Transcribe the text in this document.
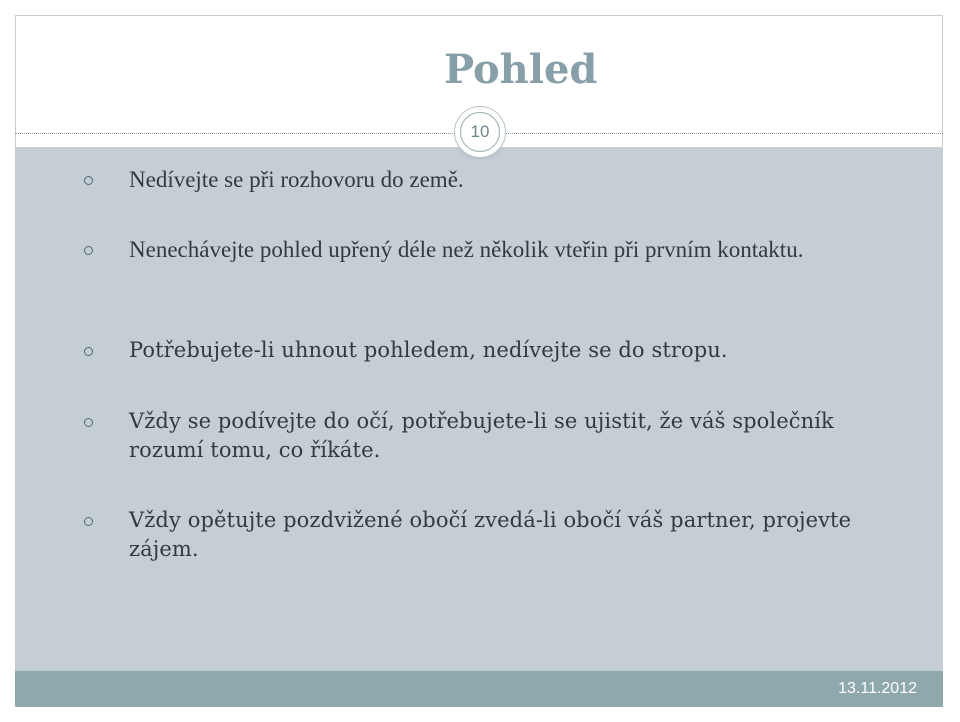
Pohled
10
Nedívejte se při rozhovoru do země.
Nenechávejte pohled upřený déle než několik vteřin při prvním kontaktu.
Potřebujete-li uhnout pohledem, nedívejte se do stropu.
Vždy se podívejte do očí, potřebujete-li se ujistit, že váš společník rozumí tomu, co říkáte.
Vždy opětujte pozdvižené obočí zvedá-li obočí váš partner, projevte zájem.
13.11.2012
